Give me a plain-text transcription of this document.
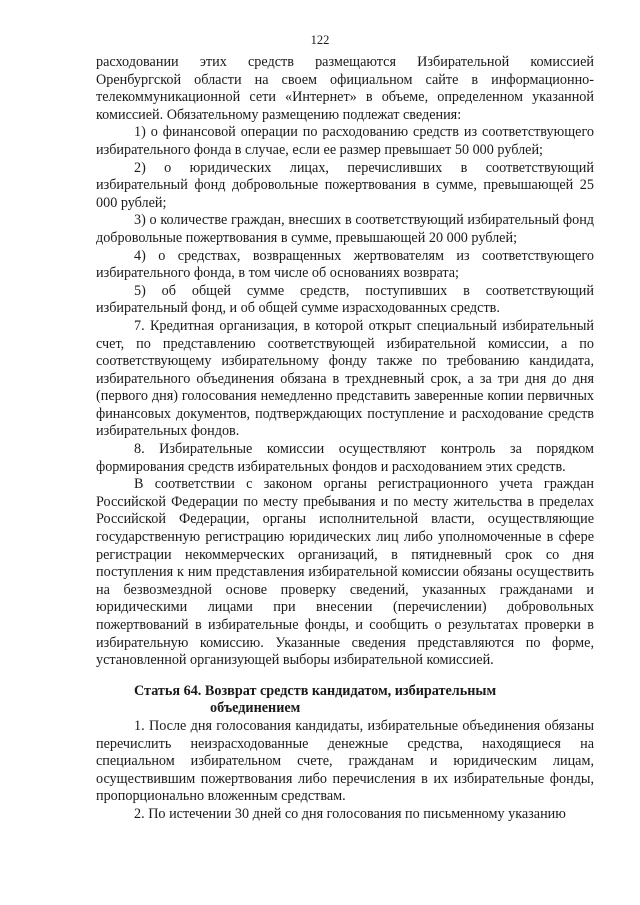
122

расходовании этих средств размещаются Избирательной комиссией Оренбургской области на своем официальном сайте в информационно-телекоммуникационной сети «Интернет» в объеме, определенном указанной комиссией. Обязательному размещению подлежат сведения:

1) о финансовой операции по расходованию средств из соответствующего избирательного фонда в случае, если ее размер превышает 50 000 рублей;

2) о юридических лицах, перечисливших в соответствующий избирательный фонд добровольные пожертвования в сумме, превышающей 25 000 рублей;

3) о количестве граждан, внесших в соответствующий избирательный фонд добровольные пожертвования в сумме, превышающей 20 000 рублей;

4) о средствах, возвращенных жертвователям из соответствующего избирательного фонда, в том числе об основаниях возврата;

5) об общей сумме средств, поступивших в соответствующий избирательный фонд, и об общей сумме израсходованных средств.

7. Кредитная организация, в которой открыт специальный избирательный счет, по представлению соответствующей избирательной комиссии, а по соответствующему избирательному фонду также по требованию кандидата, избирательного объединения обязана в трехдневный срок, а за три дня до дня (первого дня) голосования немедленно представить заверенные копии первичных финансовых документов, подтверждающих поступление и расходование средств избирательных фондов.

8. Избирательные комиссии осуществляют контроль за порядком формирования средств избирательных фондов и расходованием этих средств.

В соответствии с законом органы регистрационного учета граждан Российской Федерации по месту пребывания и по месту жительства в пределах Российской Федерации, органы исполнительной власти, осуществляющие государственную регистрацию юридических лиц либо уполномоченные в сфере регистрации некоммерческих организаций, в пятидневный срок со дня поступления к ним представления избирательной комиссии обязаны осуществить на безвозмездной основе проверку сведений, указанных гражданами и юридическими лицами при внесении (перечислении) добровольных пожертвований в избирательные фонды, и сообщить о результатах проверки в избирательную комиссию. Указанные сведения представляются по форме, установленной организующей выборы избирательной комиссией.

Статья 64. Возврат средств кандидатом, избирательным
объединением

1. После дня голосования кандидаты, избирательные объединения обязаны перечислить неизрасходованные денежные средства, находящиеся на специальном избирательном счете, гражданам и юридическим лицам, осуществившим пожертвования либо перечисления в их избирательные фонды, пропорционально вложенным средствам.

2. По истечении 30 дней со дня голосования по письменному указанию
